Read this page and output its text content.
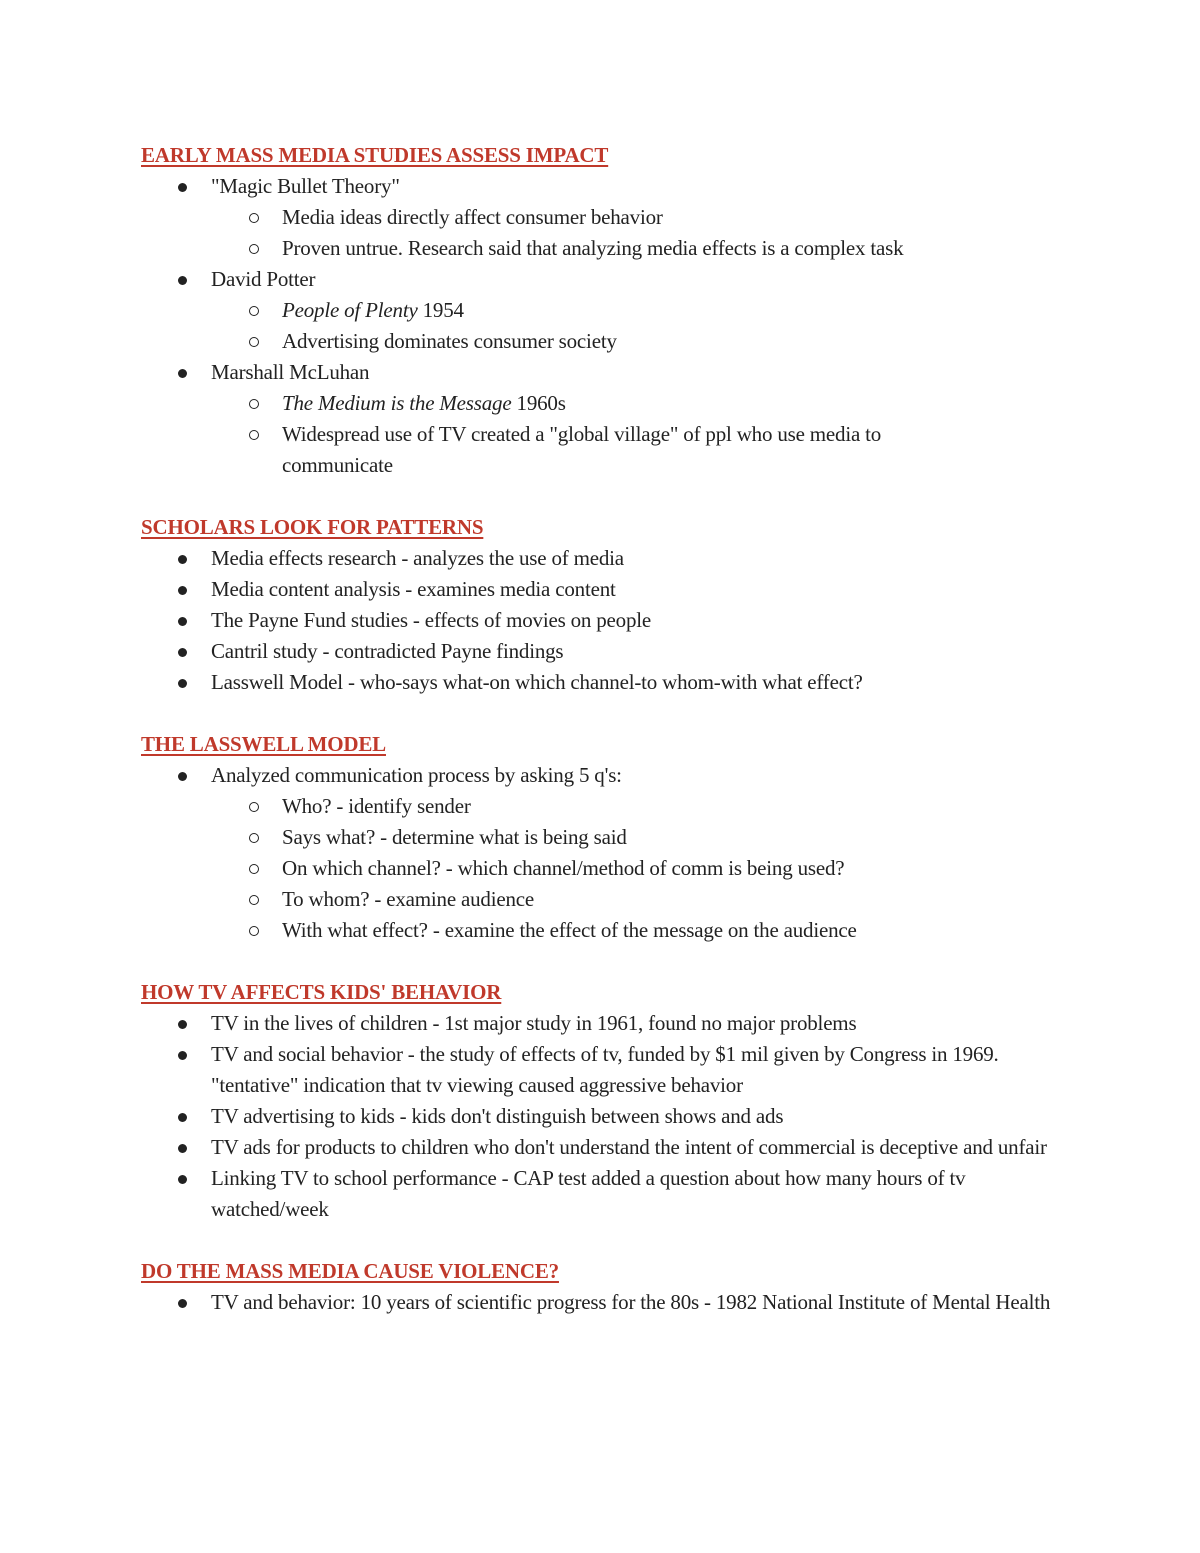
EARLY MASS MEDIA STUDIES ASSESS IMPACT
"Magic Bullet Theory"
Media ideas directly affect consumer behavior
Proven untrue. Research said that analyzing media effects is a complex task
David Potter
People of Plenty 1954
Advertising dominates consumer society
Marshall McLuhan
The Medium is the Message 1960s
Widespread use of TV created a "global village" of ppl who use media to communicate
SCHOLARS LOOK FOR PATTERNS
Media effects research - analyzes the use of media
Media content analysis - examines media content
The Payne Fund studies - effects of movies on people
Cantril study - contradicted Payne findings
Lasswell Model - who-says what-on which channel-to whom-with what effect?
THE LASSWELL MODEL
Analyzed communication process by asking 5 q's:
Who? - identify sender
Says what? - determine what is being said
On which channel? - which channel/method of comm is being used?
To whom? - examine audience
With what effect? - examine the effect of the message on the audience
HOW TV AFFECTS KIDS' BEHAVIOR
TV in the lives of children - 1st major study in 1961, found no major problems
TV and social behavior - the study of effects of tv, funded by $1 mil given by Congress in 1969. "tentative" indication that tv viewing caused aggressive behavior
TV advertising to kids - kids don't distinguish between shows and ads
TV ads for products to children who don't understand the intent of commercial is deceptive and unfair
Linking TV to school performance - CAP test added a question about how many hours of tv watched/week
DO THE MASS MEDIA CAUSE VIOLENCE?
TV and behavior: 10 years of scientific progress for the 80s - 1982 National Institute of Mental Health
